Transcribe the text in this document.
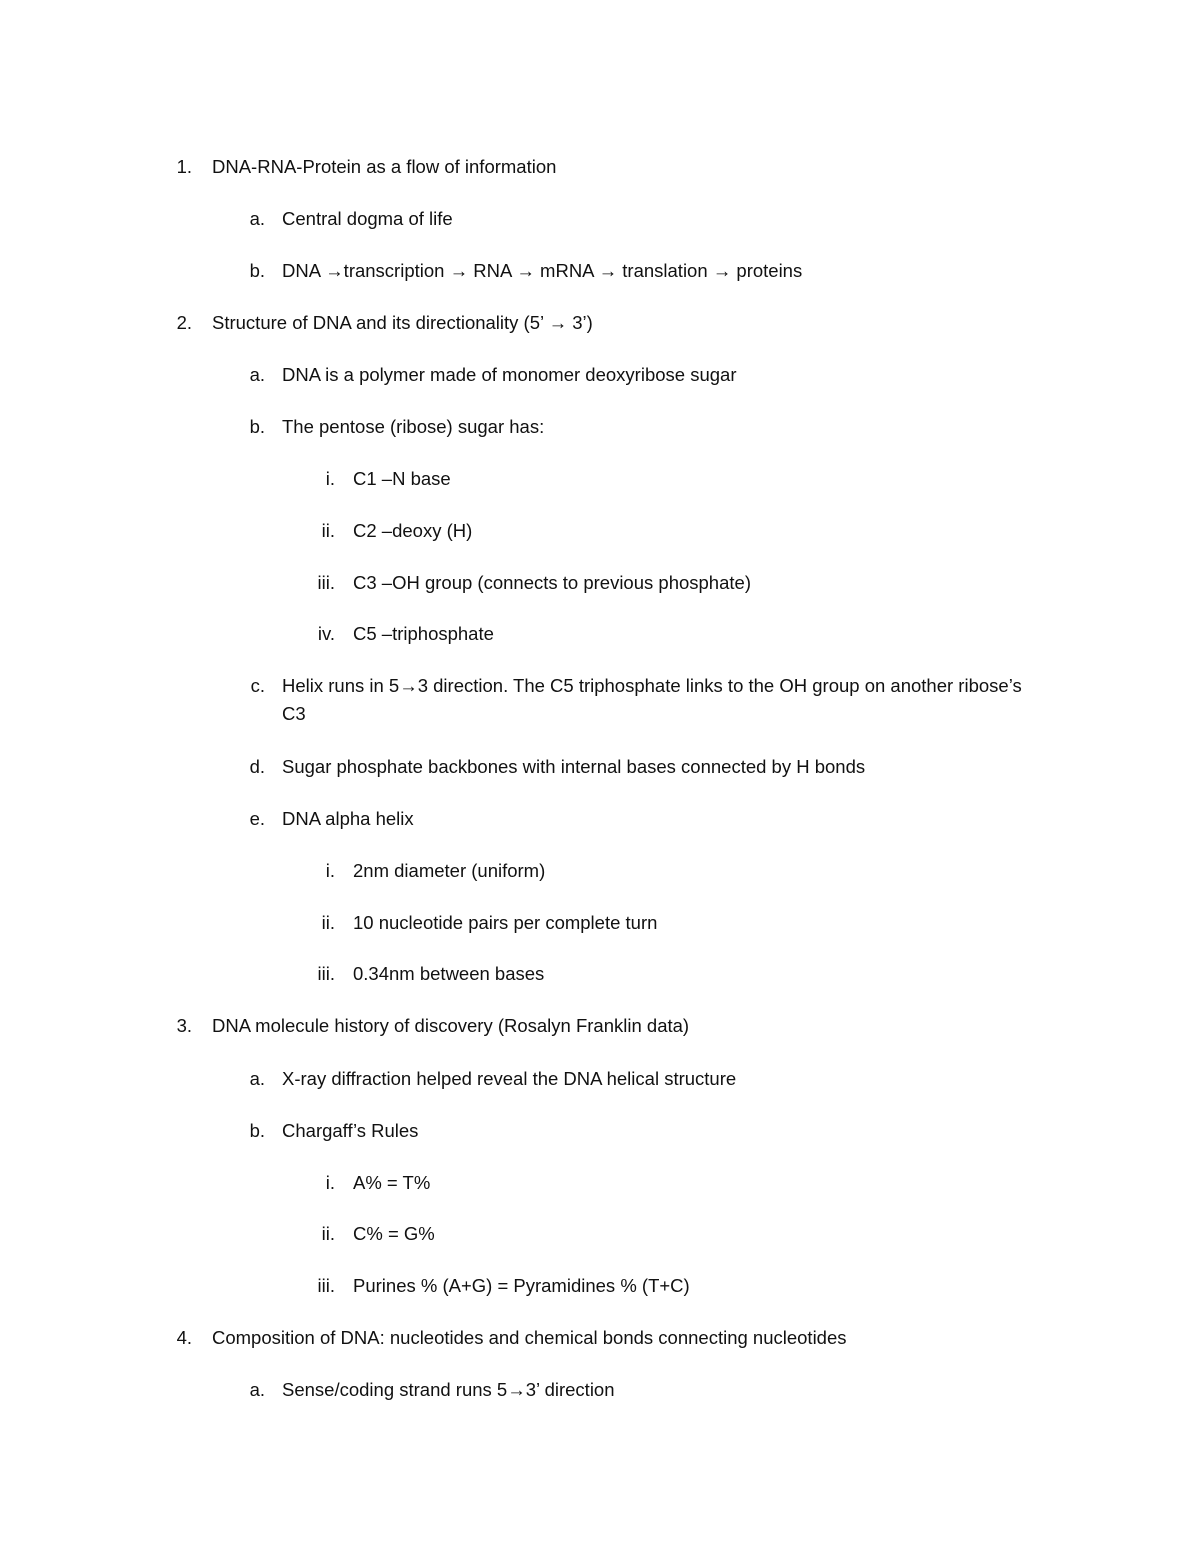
1. DNA-RNA-Protein as a flow of information
a. Central dogma of life
b. DNA →transcription → RNA → mRNA → translation → proteins
2. Structure of DNA and its directionality (5’ → 3’)
a. DNA is a polymer made of monomer deoxyribose sugar
b. The pentose (ribose) sugar has:
i. C1 –N base
ii. C2 –deoxy (H)
iii. C3 –OH group (connects to previous phosphate)
iv. C5 –triphosphate
c. Helix runs in 5→3 direction. The C5 triphosphate links to the OH group on another ribose’s C3
d. Sugar phosphate backbones with internal bases connected by H bonds
e. DNA alpha helix
i. 2nm diameter (uniform)
ii. 10 nucleotide pairs per complete turn
iii. 0.34nm between bases
3. DNA molecule history of discovery (Rosalyn Franklin data)
a. X-ray diffraction helped reveal the DNA helical structure
b. Chargaff’s Rules
i. A% = T%
ii. C% = G%
iii. Purines % (A+G) = Pyramidines % (T+C)
4. Composition of DNA: nucleotides and chemical bonds connecting nucleotides
a. Sense/coding strand runs 5→3’ direction
